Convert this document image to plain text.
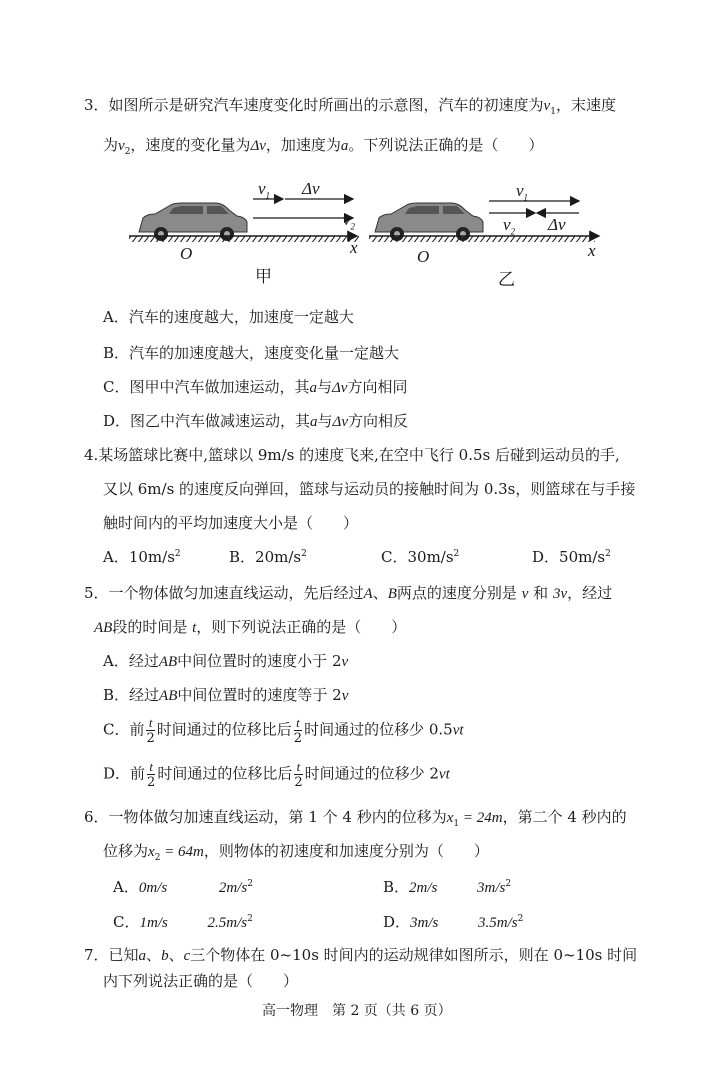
3．如图所示是研究汽车速度变化时所画出的示意图，汽车的初速度为$v_1$，末速度
为$v_2$，速度的变化量为Δv，加速度为a。下列说法正确的是（　　）
$v_1$ Δv
$v_2$
O	x
甲
$v_1$
$v_2$ Δv
O	x
乙
A．汽车的速度越大，加速度一定越大
B．汽车的加速度越大，速度变化量一定越大
C．图甲中汽车做加速运动，其a与Δv方向相同
D．图乙中汽车做减速运动，其a与Δv方向相反
4.某场篮球比赛中,篮球以 9m/s 的速度飞来,在空中飞行 0.5s 后碰到运动员的手,
又以 6m/s 的速度反向弹回，篮球与运动员的接触时间为 0.3s，则篮球在与手接
触时间内的平均加速度大小是（　　）
A．$10m/s^2$	B．$20m/s^2$	C．$30m/s^2$	D．$50m/s^2$
5．一个物体做匀加速直线运动，先后经过A、B两点的速度分别是 v 和 3v，经过
AB段的时间是 t，则下列说法正确的是（　　）
A．经过AB中间位置时的速度小于 2v
B．经过AB中间位置时的速度等于 2v
C．前 $\frac{t}{2}$ 时间通过的位移比后 $\frac{t}{2}$ 时间通过的位移少 0.5vt
D．前 $\frac{t}{2}$ 时间通过的位移比后 $\frac{t}{2}$ 时间通过的位移少 2vt
6．一物体做匀加速直线运动，第 1 个 4 秒内的位移为$x_1 = 24m$，第二个 4 秒内的
位移为$x_2 = 64m$，则物体的初速度和加速度分别为（　　）
A．0m/s	$2m/s^2$	B．2m/s	$3m/s^2$
C．1m/s	$2.5m/s^2$	D．3m/s	$3.5m/s^2$
7．已知a、b、c三个物体在 0~10s 时间内的运动规律如图所示，则在 0~10s 时间
内下列说法正确的是（　　）
高一物理　第 2 页（共 6 页）
